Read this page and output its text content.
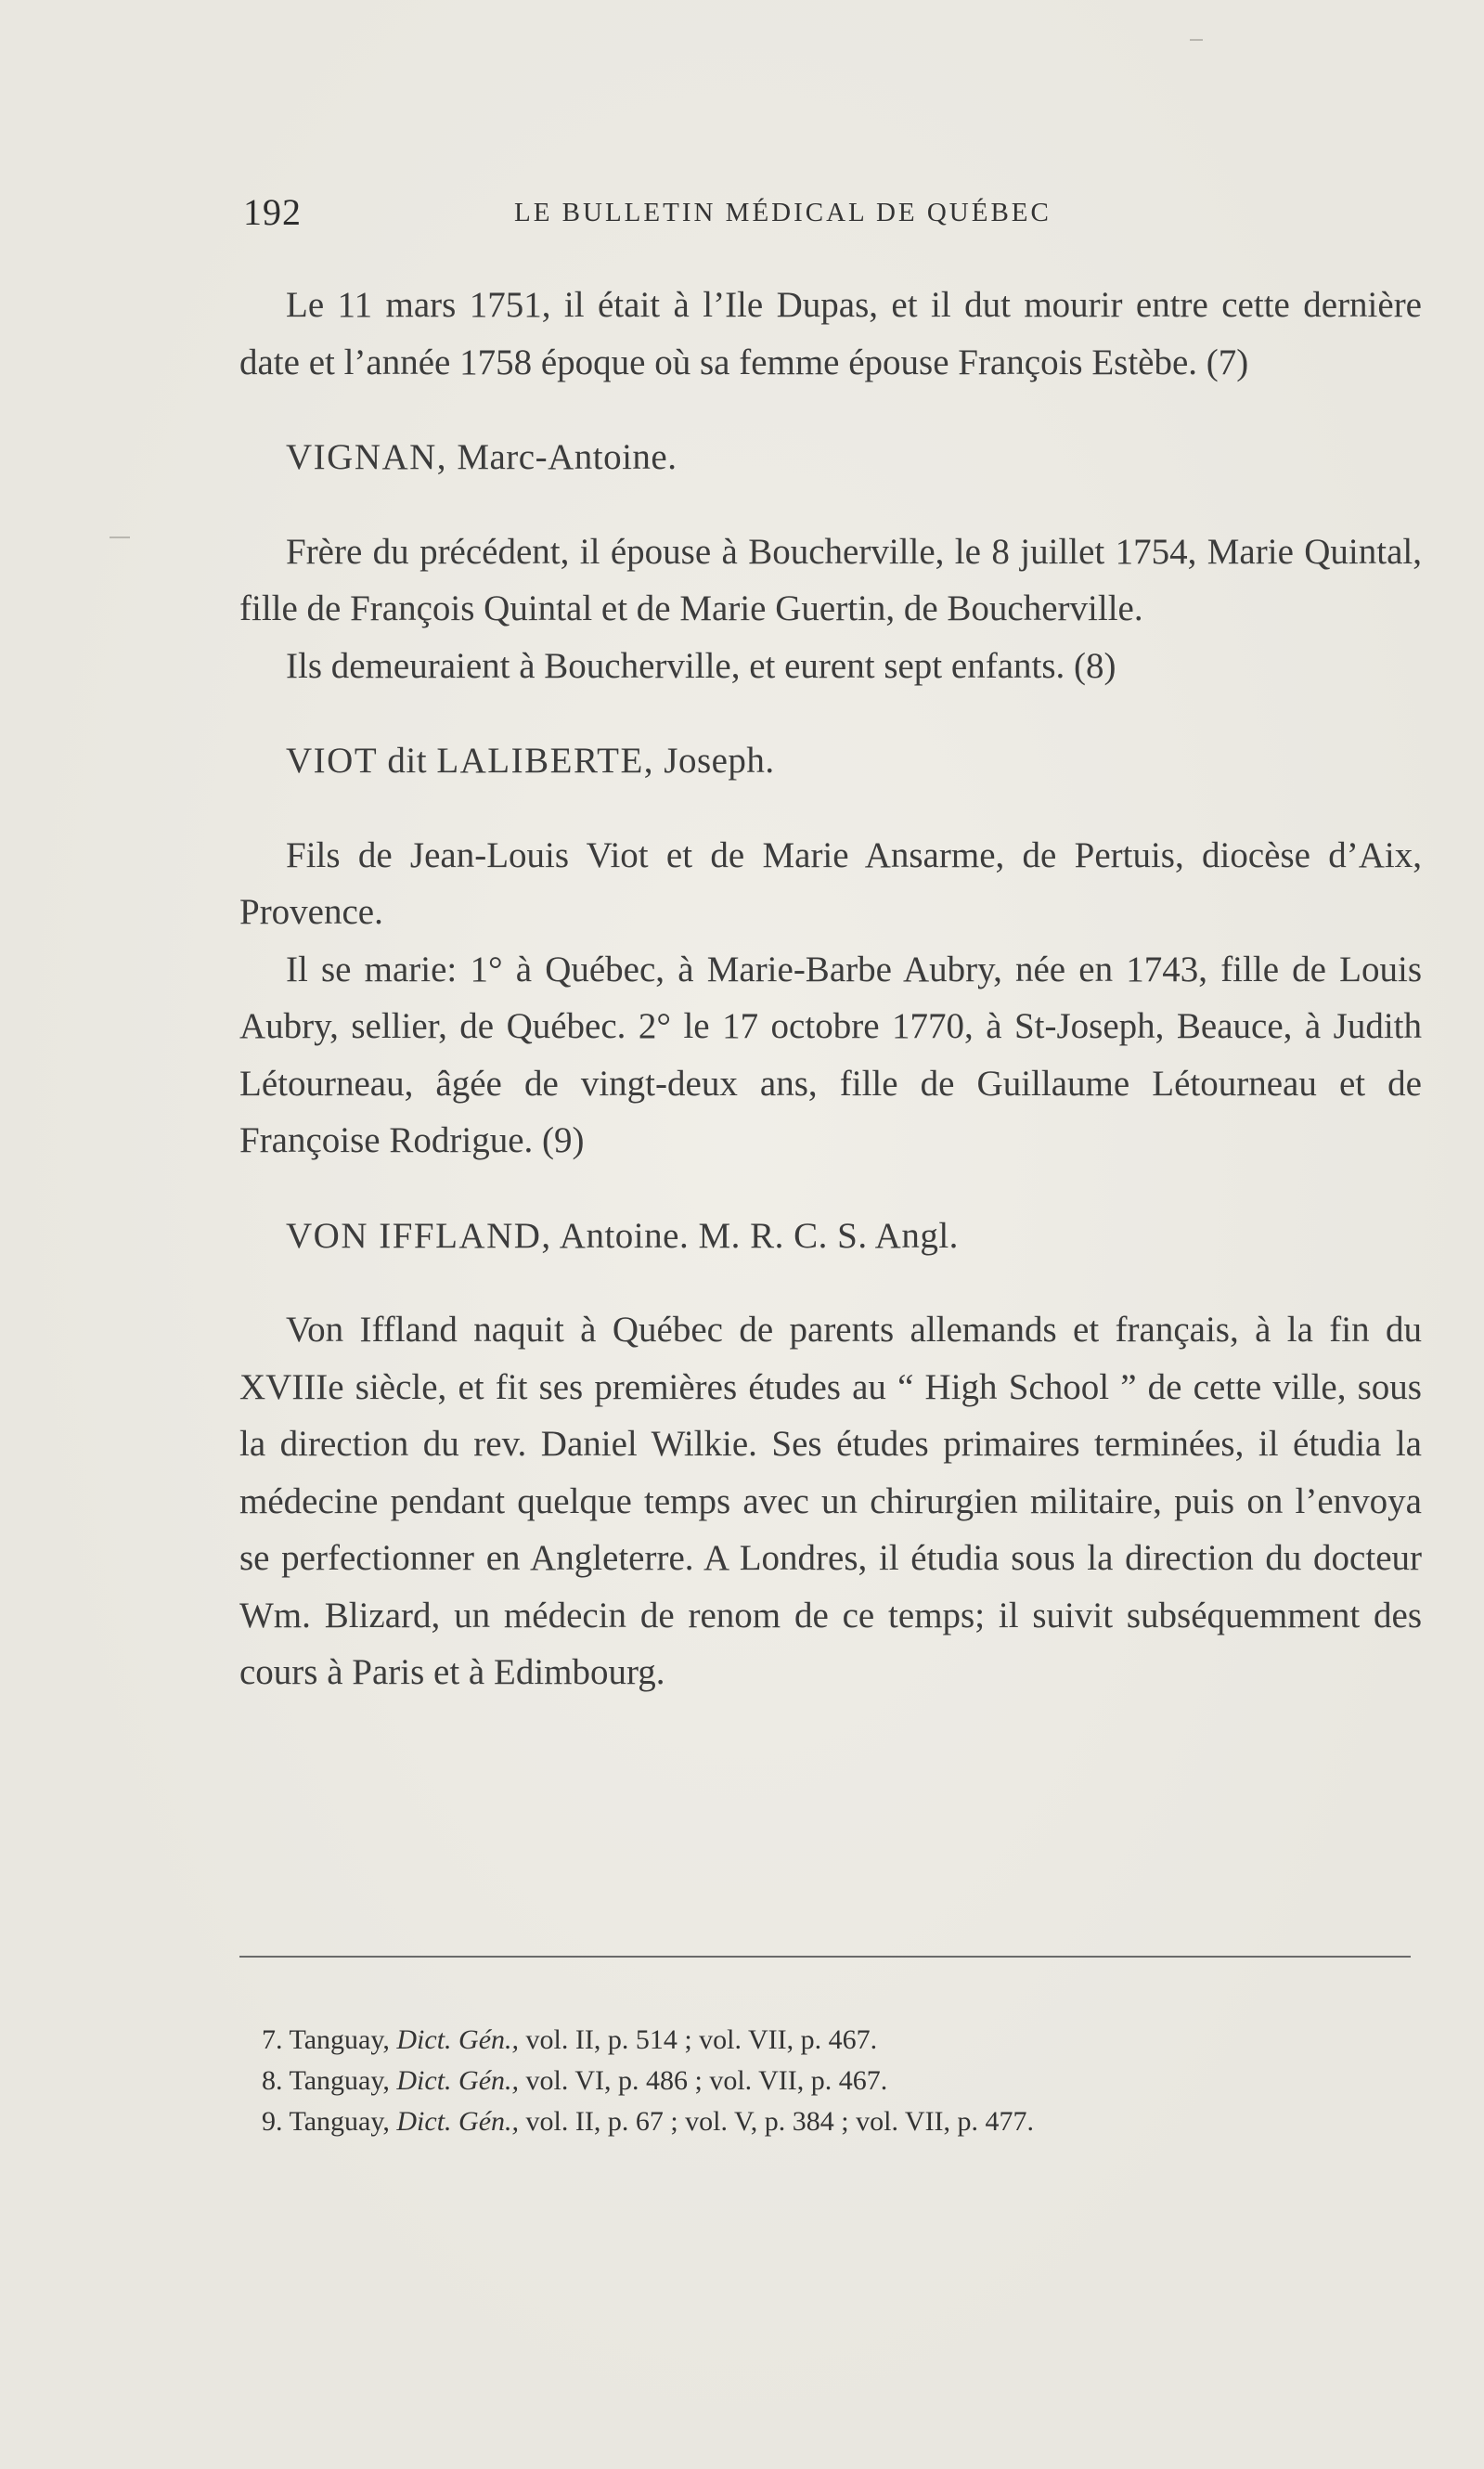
192	LE BULLETIN MÉDICAL DE QUÉBEC

Le 11 mars 1751, il était à l’Ile Dupas, et il dut mourir entre cette dernière date et l’année 1758 époque où sa femme épouse François Estèbe. (7)

VIGNAN, Marc-Antoine.

Frère du précédent, il épouse à Boucherville, le 8 juillet 1754, Marie Quintal, fille de François Quintal et de Marie Guertin, de Boucherville.

Ils demeuraient à Boucherville, et eurent sept enfants. (8)

VIOT dit LALIBERTE, Joseph.

Fils de Jean-Louis Viot et de Marie Ansarme, de Pertuis, diocèse d’Aix, Provence.

Il se marie: 1° à Québec, à Marie-Barbe Aubry, née en 1743, fille de Louis Aubry, sellier, de Québec. 2° le 17 octobre 1770, à St-Joseph, Beauce, à Judith Létourneau, âgée de vingt-deux ans, fille de Guillaume Létourneau et de Françoise Rodrigue. (9)

VON IFFLAND, Antoine. M. R. C. S. Angl.

Von Iffland naquit à Québec de parents allemands et français, à la fin du XVIIIe siècle, et fit ses premières études au “ High School ” de cette ville, sous la direction du rev. Daniel Wilkie. Ses études primaires terminées, il étudia la médecine pendant quelque temps avec un chirurgien militaire, puis on l’envoya se perfectionner en Angleterre. A Londres, il étudia sous la direction du docteur Wm. Blizard, un médecin de renom de ce temps; il suivit subséquemment des cours à Paris et à Edimbourg.

7. Tanguay, Dict. Gén., vol. II, p. 514 ; vol. VII, p. 467.

8. Tanguay, Dict. Gén., vol. VI, p. 486 ; vol. VII, p. 467.

9. Tanguay, Dict. Gén., vol. II, p. 67 ; vol. V, p. 384 ; vol. VII, p. 477.
